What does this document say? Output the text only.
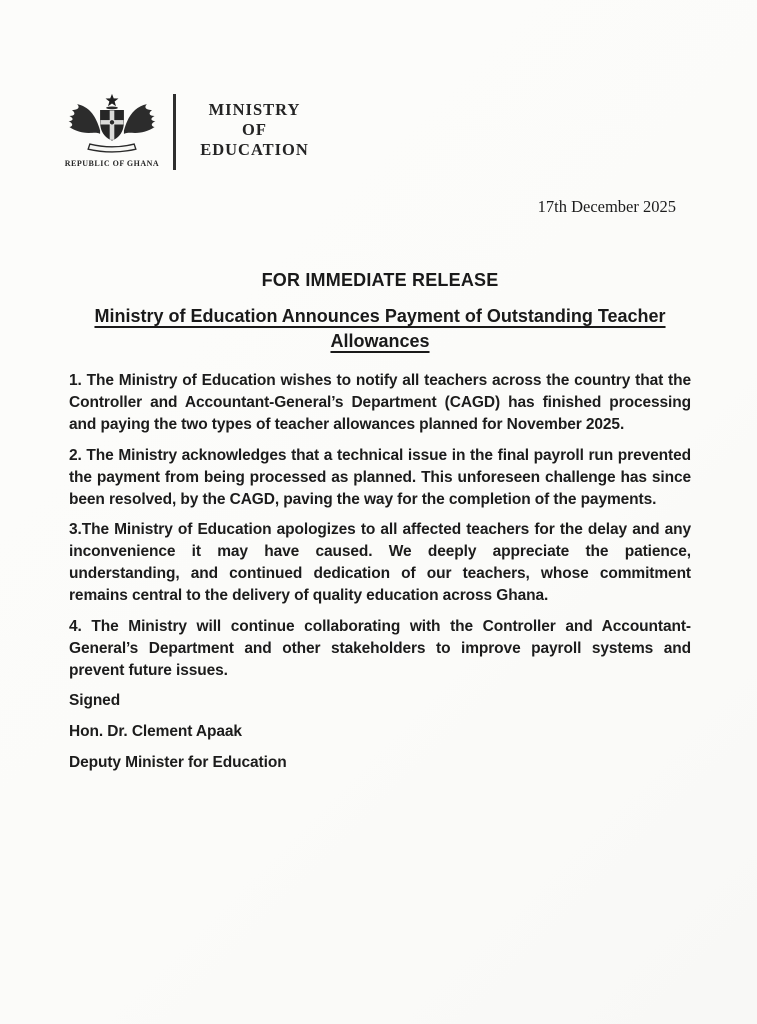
REPUBLIC OF GHANA
MINISTRY
OF
EDUCATION
17th December 2025
FOR IMMEDIATE RELEASE
Ministry of Education Announces Payment of Outstanding Teacher Allowances

1. The Ministry of Education wishes to notify all teachers across the country that the Controller and Accountant-General’s Department (CAGD) has finished processing and paying the two types of teacher allowances planned for November 2025.

2. The Ministry acknowledges that a technical issue in the final payroll run prevented the payment from being processed as planned. This unforeseen challenge has since been resolved, by the CAGD, paving the way for the completion of the payments.

3.The Ministry of Education apologizes to all affected teachers for the delay and any inconvenience it may have caused. We deeply appreciate the patience, understanding, and continued dedication of our teachers, whose commitment remains central to the delivery of quality education across Ghana.

4. The Ministry will continue collaborating with the Controller and Accountant-General’s Department and other stakeholders to improve payroll systems and prevent future issues.

Signed

Hon. Dr. Clement Apaak

Deputy Minister for Education
